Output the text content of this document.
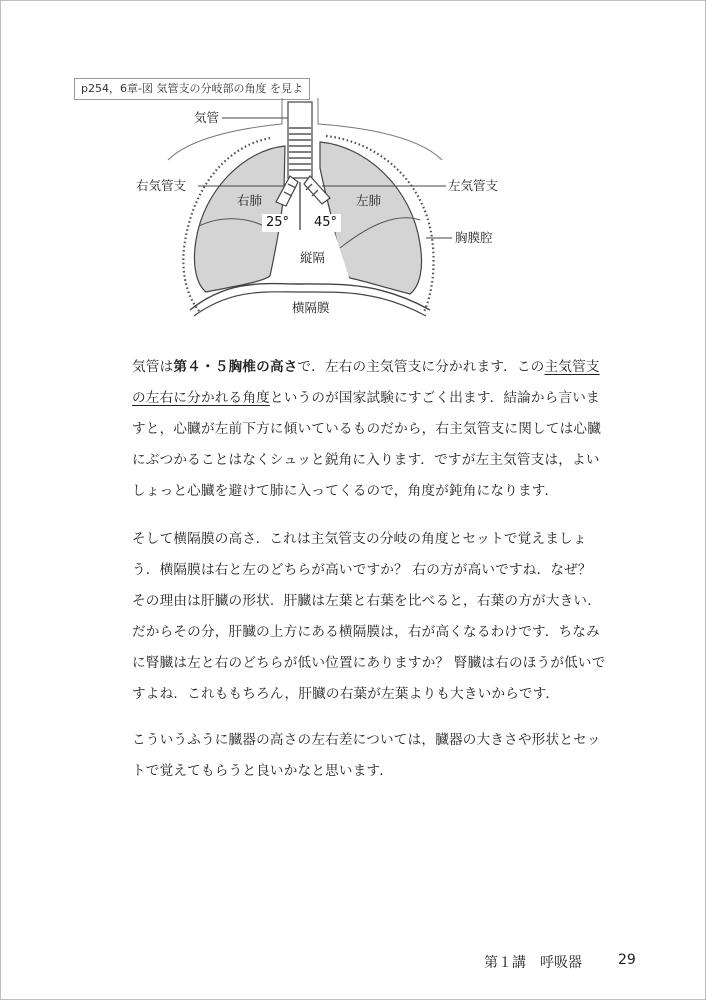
p254，6章-図 気管支の分岐部の角度 を見よ
気管
右気管支	左気管支
右肺	左肺
胸膜腔
縦隔
横隔膜
25°	45°
気管は第４・５胸椎の高さで．左右の主気管支に分かれます．この主気管支の左右に分かれる角度というのが国家試験にすごく出ます．結論から言いますと，心臓が左前下方に傾いているものだから，右主気管支に関しては心臓にぶつかることはなくシュッと鋭角に入ります．ですが左主気管支は，よいしょっと心臓を避けて肺に入ってくるので，角度が鈍角になります．
そして横隔膜の高さ．これは主気管支の分岐の角度とセットで覚えましょう．横隔膜は右と左のどちらが高いですか？ 右の方が高いですね．なぜ？ その理由は肝臓の形状．肝臓は左葉と右葉を比べると，右葉の方が大きい．だからその分，肝臓の上方にある横隔膜は，右が高くなるわけです．ちなみに腎臓は左と右のどちらが低い位置にありますか？ 腎臓は右のほうが低いですよね．これももちろん，肝臓の右葉が左葉よりも大きいからです．
こういうふうに臓器の高さの左右差については，臓器の大きさや形状とセットで覚えてもらうと良いかなと思います．
第１講　呼吸器	29
